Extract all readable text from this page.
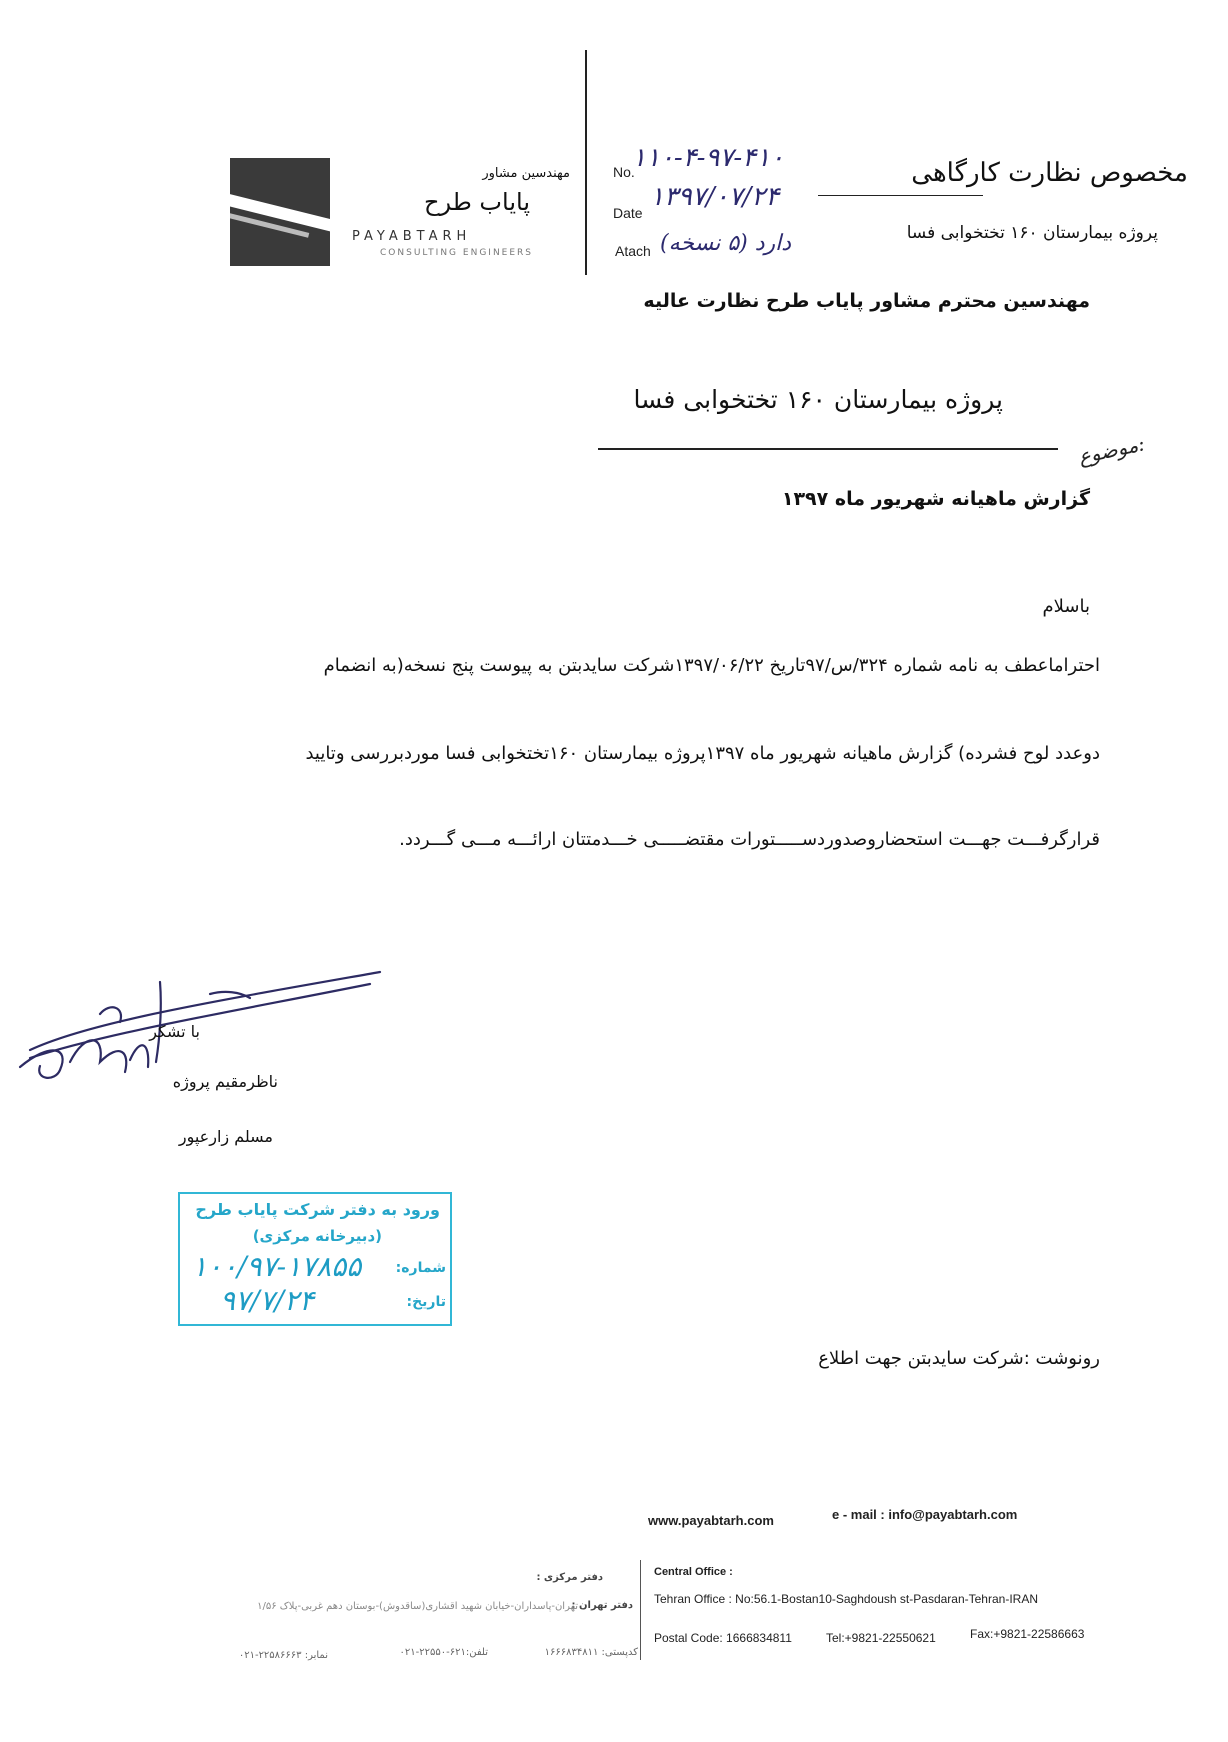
مهندسین مشاور
پایاب طرح
PAYABTARH
CONSULTING ENGINEERS
No.
۱۱۰-۴-۹۷-۴۱۰
Date
۱۳۹۷/۰۷/۲۴
Atach دارد (۵ نسخه)
مخصوص نظارت کارگاهی
پروژه بیمارستان ۱۶۰ تختخوابی فسا
مهندسین محترم مشاور پایاب طرح نظارت عالیه
پروژه بیمارستان ۱۶۰ تختخوابی فسا
موضوع:
گزارش ماهیانه شهریور ماه ۱۳۹۷
باسلام
احتراماعطف به نامه شماره ۳۲۴/س/۹۷تاریخ ۱۳۹۷/۰۶/۲۲شرکت سایدبتن به پیوست پنج نسخه(به انضمام
دوعدد لوح فشرده) گزارش ماهیانه شهریور ماه ۱۳۹۷پروژه بیمارستان ۱۶۰تختخوابی فسا موردبررسی وتایید
قرارگرفـــت جهـــت استحضاروصدوردســـــتورات مقتضـــــی خـــدمتتان ارائـــه مـــی گـــردد.
با تشکر
ناظرمقیم پروژه
مسلم زارعپور
ورود به دفتر شرکت پایاب طرح
(دبیرخانه مرکزی)
شماره:
۱۰۰/۹۷-۱۷۸۵۵
تاریخ:
۹۷/۷/۲۴
رونوشت :شرکت سایدبتن جهت اطلاع
www.payabtarh.com	e - mail : info@payabtarh.com
Central Office :
Tehran Office : No:56.1-Bostan10-Saghdoush st-Pasdaran-Tehran-IRAN
Postal Code: 1666834811	Tel:+9821-22550621	Fax:+9821-22586663
دفتر مرکزی :
دفتر تهران :
تهران-پاسداران-خیابان شهید اقشاری(ساقدوش)-بوستان دهم غربی-پلاک ۱/۵۶
کدپستی: ۱۶۶۶۸۳۴۸۱۱
تلفن:۶۲۱-۲۲۵۵۰-۰۲۱
نمابر: ۲۲۵۸۶۶۶۳-۰۲۱
